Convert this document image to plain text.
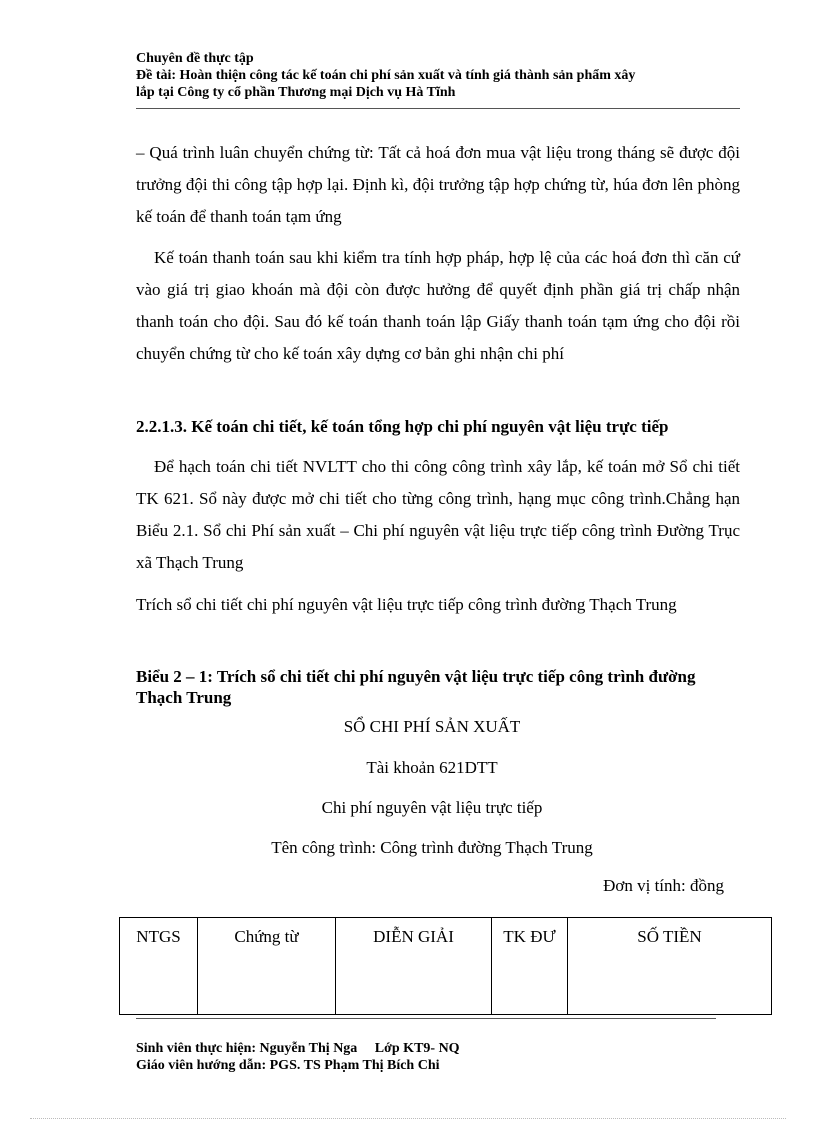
Chuyên đề thực tập
Đề tài: Hoàn thiện công tác kế toán chi phí sản xuất và tính giá thành sản phẩm xây
lắp tại Công ty cổ phần Thương mại Dịch vụ Hà Tĩnh

– Quá trình luân chuyển chứng từ: Tất cả hoá đơn mua vật liệu trong tháng sẽ được đội trưởng đội thi công tập hợp lại. Định kì, đội trưởng tập hợp chứng từ, húa đơn lên phòng kế toán để thanh toán tạm ứng

Kế toán thanh toán sau khi kiểm tra tính hợp pháp, hợp lệ của các hoá đơn thì căn cứ vào giá trị giao khoán mà đội còn được hưởng để quyết định phần giá trị chấp nhận thanh toán cho đội. Sau đó kế toán thanh toán lập Giấy thanh toán tạm ứng cho đội rồi chuyển chứng từ cho kế toán xây dựng cơ bản ghi nhận chi phí

2.2.1.3. Kế toán chi tiết, kế toán tổng hợp chi phí nguyên vật liệu trực tiếp

Để hạch toán chi tiết NVLTT cho thi công công trình xây lắp, kế toán mở Sổ chi tiết TK 621. Sổ này được mở chi tiết cho từng công trình, hạng mục công trình.Chẳng hạn Biểu 2.1. Sổ chi Phí sản xuất – Chi phí nguyên vật liệu trực tiếp công trình Đường Trục xã Thạch Trung

Trích sổ chi tiết chi phí nguyên vật liệu trực tiếp công trình đường Thạch Trung

Biểu 2 – 1: Trích sổ chi tiết chi phí nguyên vật liệu trực tiếp công trình đường Thạch Trung

SỔ CHI PHÍ SẢN XUẤT

Tài khoản 621DTT

Chi phí nguyên vật liệu trực tiếp

Tên công trình: Công trình đường Thạch Trung

Đơn vị tính: đồng

NTGS	Chứng từ	DIỄN GIẢI	TK ĐƯ	SỐ TIỀN
Sinh viên thực hiện: Nguyễn Thị Nga     Lớp KT9- NQ
Giáo viên hướng dẫn: PGS. TS Phạm Thị Bích Chi
